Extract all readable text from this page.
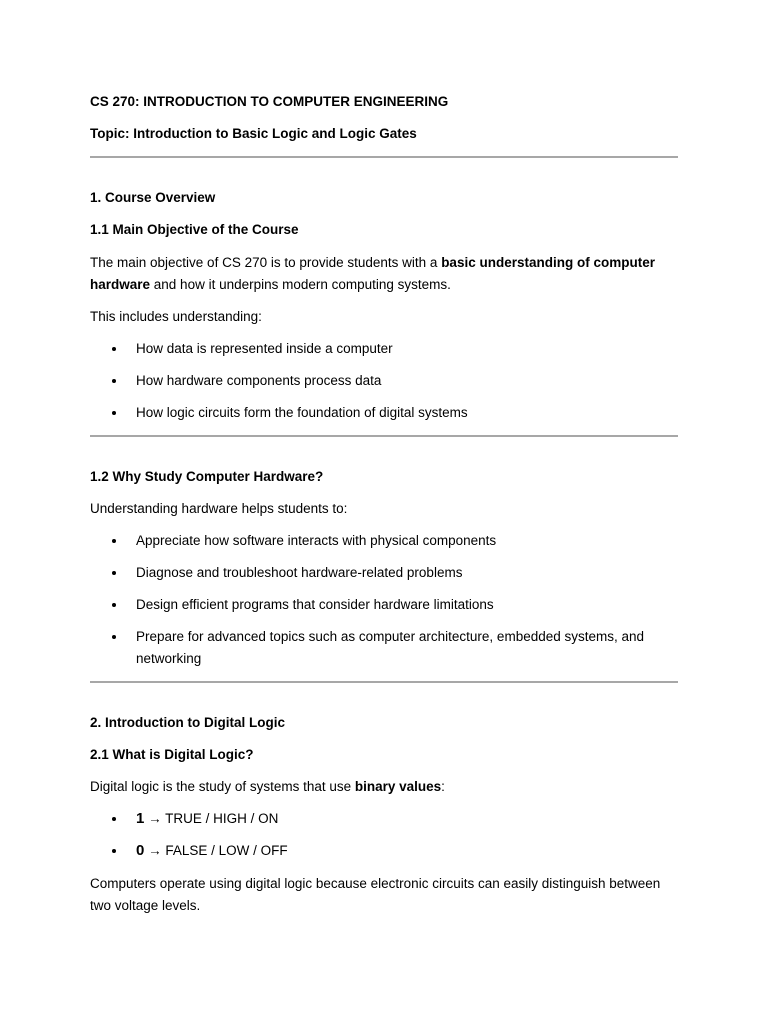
CS 270: INTRODUCTION TO COMPUTER ENGINEERING
Topic: Introduction to Basic Logic and Logic Gates
1. Course Overview
1.1 Main Objective of the Course
The main objective of CS 270 is to provide students with a basic understanding of computer hardware and how it underpins modern computing systems.
This includes understanding:
How data is represented inside a computer
How hardware components process data
How logic circuits form the foundation of digital systems
1.2 Why Study Computer Hardware?
Understanding hardware helps students to:
Appreciate how software interacts with physical components
Diagnose and troubleshoot hardware-related problems
Design efficient programs that consider hardware limitations
Prepare for advanced topics such as computer architecture, embedded systems, and
networking
2. Introduction to Digital Logic
2.1 What is Digital Logic?
Digital logic is the study of systems that use binary values:
1 → TRUE / HIGH / ON
0 → FALSE / LOW / OFF
Computers operate using digital logic because electronic circuits can easily distinguish between
two voltage levels.
